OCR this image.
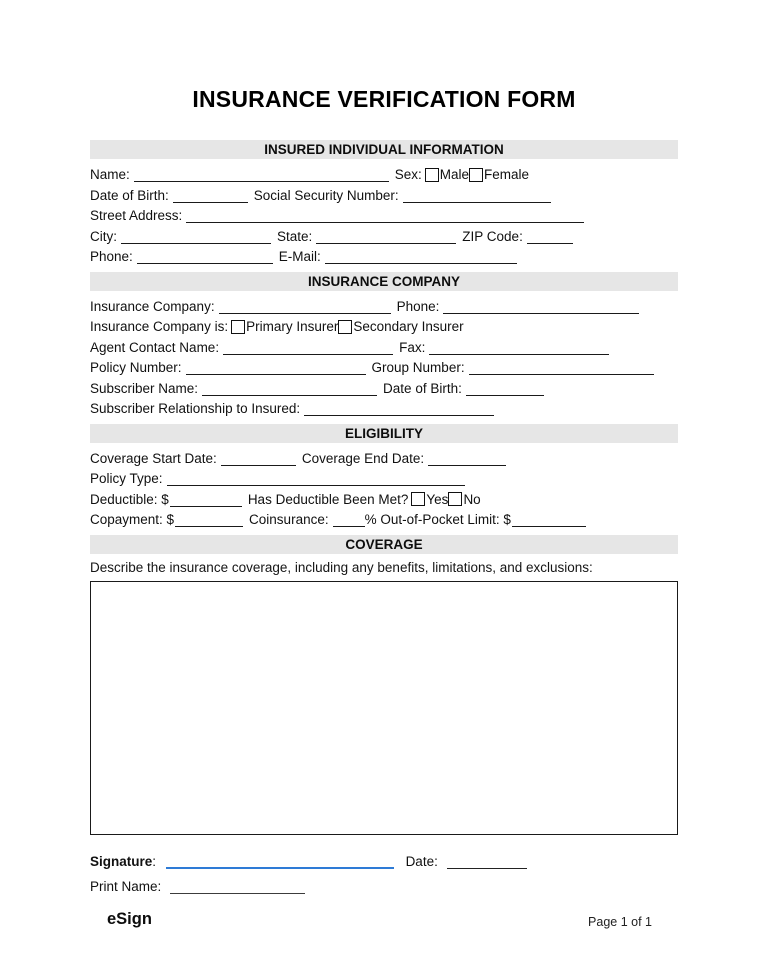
INSURANCE VERIFICATION FORM
INSURED INDIVIDUAL INFORMATION
Name:	Sex: Male Female
Date of Birth:	Social Security Number:
Street Address:
City:	State:	ZIP Code:
Phone:	E-Mail:
INSURANCE COMPANY
Insurance Company:	Phone:
Insurance Company is: Primary Insurer Secondary Insurer
Agent Contact Name:	Fax:
Policy Number:	Group Number:
Subscriber Name:	Date of Birth:
Subscriber Relationship to Insured:
ELIGIBILITY
Coverage Start Date:	Coverage End Date:
Policy Type:
Deductible: $	Has Deductible Been Met? Yes No
Copayment: $	Coinsurance:	% Out-of-Pocket Limit: $
COVERAGE
Describe the insurance coverage, including any benefits, limitations, and exclusions:
Signature:	Date:
Print Name:
eSign	Page 1 of 1
